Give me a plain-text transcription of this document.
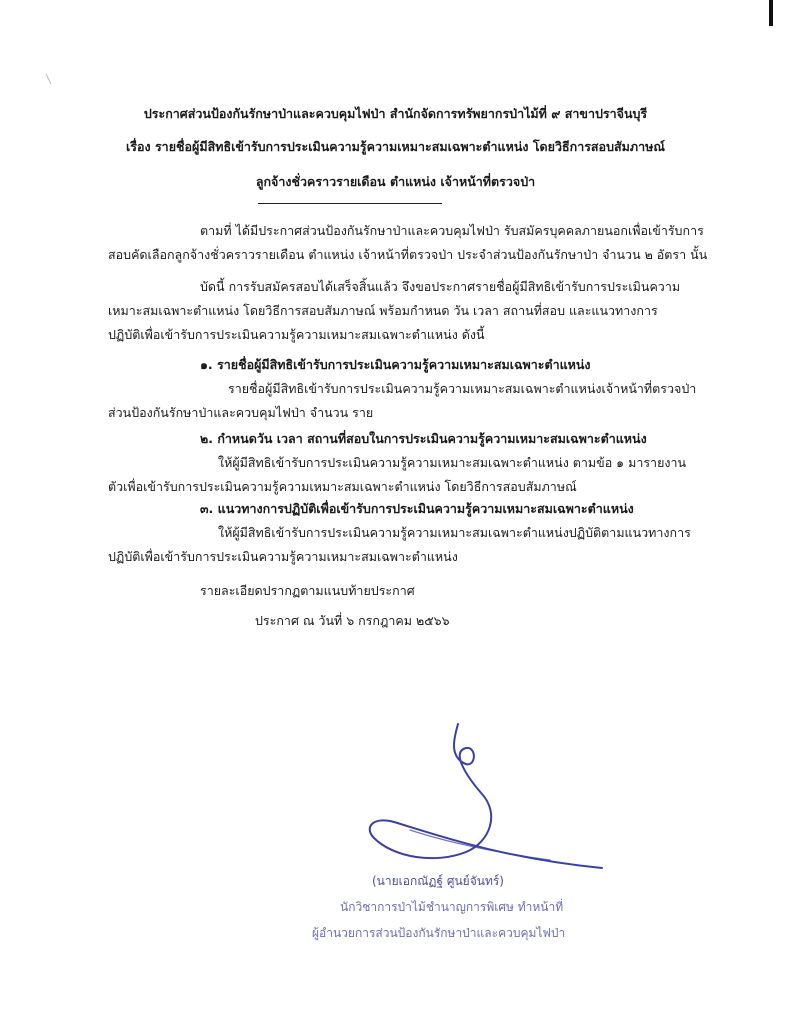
ประกาศส่วนป้องกันรักษาป่าและควบคุมไฟป่า สำนักจัดการทรัพยากรป่าไม้ที่ ๙ สาขาปราจีนบุรี
เรื่อง รายชื่อผู้มีสิทธิเข้ารับการประเมินความรู้ความเหมาะสมเฉพาะตำแหน่ง โดยวิธีการสอบสัมภาษณ์
ลูกจ้างชั่วคราวรายเดือน ตำแหน่ง เจ้าหน้าที่ตรวจป่า
ตามที่ ได้มีประกาศส่วนป้องกันรักษาป่าและควบคุมไฟป่า รับสมัครบุคคลภายนอกเพื่อเข้ารับการ
สอบคัดเลือกลูกจ้างชั่วคราวรายเดือน ตำแหน่ง เจ้าหน้าที่ตรวจป่า ประจำส่วนป้องกันรักษาป่า จำนวน ๒ อัตรา นั้น
บัดนี้ การรับสมัครสอบได้เสร็จสิ้นแล้ว จึงขอประกาศรายชื่อผู้มีสิทธิเข้ารับการประเมินความ
เหมาะสมเฉพาะตำแหน่ง โดยวิธีการสอบสัมภาษณ์ พร้อมกำหนด วัน เวลา สถานที่สอบ และแนวทางการ
ปฏิบัติเพื่อเข้ารับการประเมินความรู้ความเหมาะสมเฉพาะตำแหน่ง ดังนี้
๑. รายชื่อผู้มีสิทธิเข้ารับการประเมินความรู้ความเหมาะสมเฉพาะตำแหน่ง
รายชื่อผู้มีสิทธิเข้ารับการประเมินความรู้ความเหมาะสมเฉพาะตำแหน่งเจ้าหน้าที่ตรวจป่า
ส่วนป้องกันรักษาป่าและควบคุมไฟป่า จำนวน ราย
๒. กำหนดวัน เวลา สถานที่สอบในการประเมินความรู้ความเหมาะสมเฉพาะตำแหน่ง
ให้ผู้มีสิทธิเข้ารับการประเมินความรู้ความเหมาะสมเฉพาะตำแหน่ง ตามข้อ ๑ มารายงาน
ตัวเพื่อเข้ารับการประเมินความรู้ความเหมาะสมเฉพาะตำแหน่ง โดยวิธีการสอบสัมภาษณ์
๓. แนวทางการปฏิบัติเพื่อเข้ารับการประเมินความรู้ความเหมาะสมเฉพาะตำแหน่ง
ให้ผู้มีสิทธิเข้ารับการประเมินความรู้ความเหมาะสมเฉพาะตำแหน่งปฏิบัติตามแนวทางการ
ปฏิบัติเพื่อเข้ารับการประเมินความรู้ความเหมาะสมเฉพาะตำแหน่ง
รายละเอียดปรากฏตามแนบท้ายประกาศ
ประกาศ ณ วันที่ ๖ กรกฎาคม ๒๕๖๖
(นายเอกณัฏฐ์ ศูนย์จันทร์)
นักวิชาการป่าไม้ชำนาญการพิเศษ ทำหน้าที่
ผู้อำนวยการส่วนป้องกันรักษาป่าและควบคุมไฟป่า
